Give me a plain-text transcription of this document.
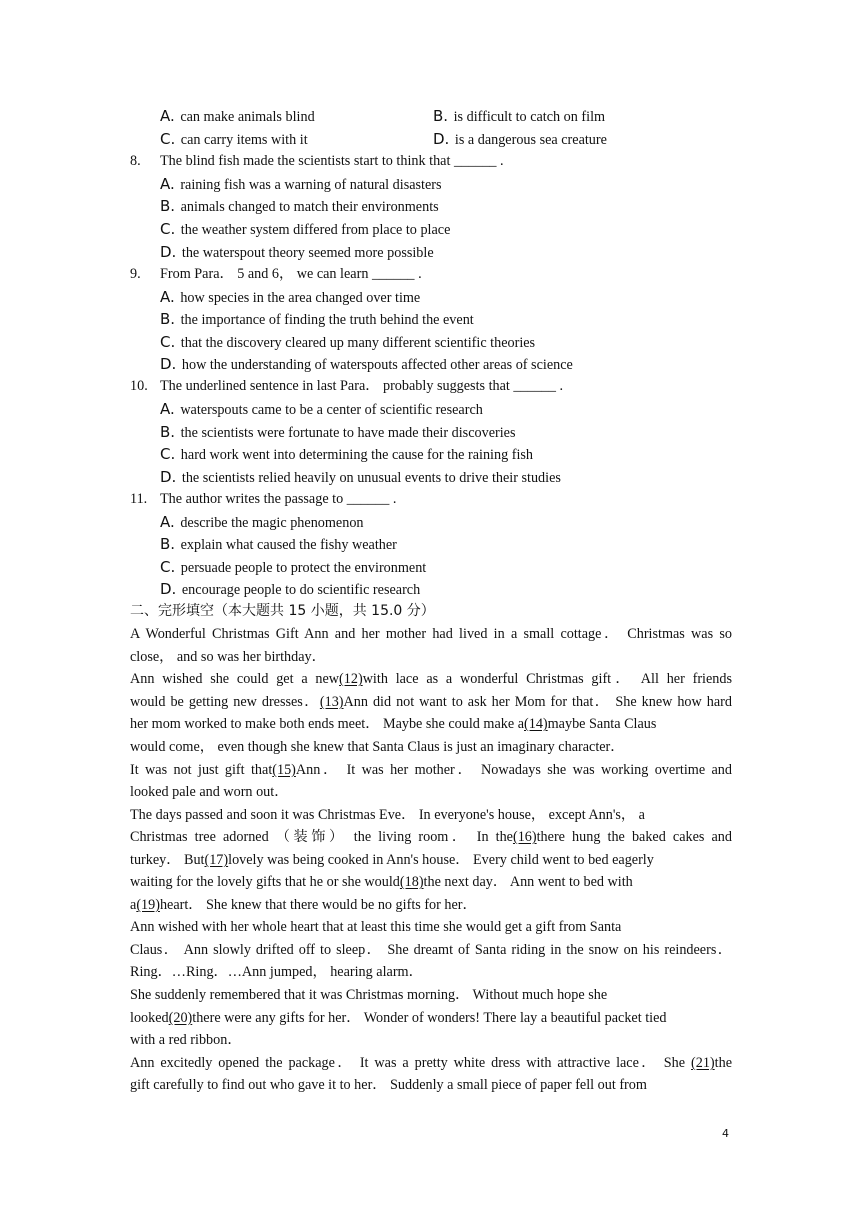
A. can make animals blind	B. is difficult to catch on film
C. can carry items with it	D. is a dangerous sea creature
8. The blind fish made the scientists start to think that ______ .
A. raining fish was a warning of natural disasters
B. animals changed to match their environments
C. the weather system differed from place to place
D. the waterspout theory seemed more possible
9. From Para． 5 and 6， we can learn ______ .
A. how species in the area changed over time
B. the importance of finding the truth behind the event
C. that the discovery cleared up many different scientific theories
D. how the understanding of waterspouts affected other areas of science
10. The underlined sentence in last Para． probably suggests that ______ .
A. waterspouts came to be a center of scientific research
B. the scientists were fortunate to have made their discoveries
C. hard work went into determining the cause for the raining fish
D. the scientists relied heavily on unusual events to drive their studies
11. The author writes the passage to ______ .
A. describe the magic phenomenon
B. explain what caused the fishy weather
C. persuade people to protect the environment
D. encourage people to do scientific research
二、完形填空（本大题共 15 小题，共 15.0 分）
A Wonderful Christmas Gift Ann and her mother had lived in a small cottage． Christmas was so
close， and so was her birthday．
Ann wished she could get a new(12)with lace as a wonderful Christmas gift． All her friends
would be getting new dresses．(13)Ann did not want to ask her Mom for that． She knew how hard
her mom worked to make both ends meet． Maybe she could make a(14)maybe Santa Claus
would come， even though she knew that Santa Claus is just an imaginary character．
It was not just gift that(15)Ann． It was her mother． Nowadays she was working overtime and
looked pale and worn out．
The days passed and soon it was Christmas Eve． In everyone's house， except Ann's， a
Christmas tree adorned （装饰） the living room． In the(16)there hung the baked cakes and
turkey． But(17)lovely was being cooked in Ann's house． Every child went to bed eagerly
waiting for the lovely gifts that he or she would(18)the next day． Ann went to bed with
a(19)heart． She knew that there would be no gifts for her．
Ann wished with her whole heart that at least this time she would get a gift from Santa
Claus． Ann slowly drifted off to sleep． She dreamt of Santa riding in the snow on his reindeers．
Ring．…Ring．…Ann jumped， hearing alarm．
She suddenly remembered that it was Christmas morning． Without much hope she
looked(20)there were any gifts for her． Wonder of wonders! There lay a beautiful packet tied
with a red ribbon．
Ann excitedly opened the package． It was a pretty white dress with attractive lace． She (21)the
gift carefully to find out who gave it to her． Suddenly a small piece of paper fell out from
4
